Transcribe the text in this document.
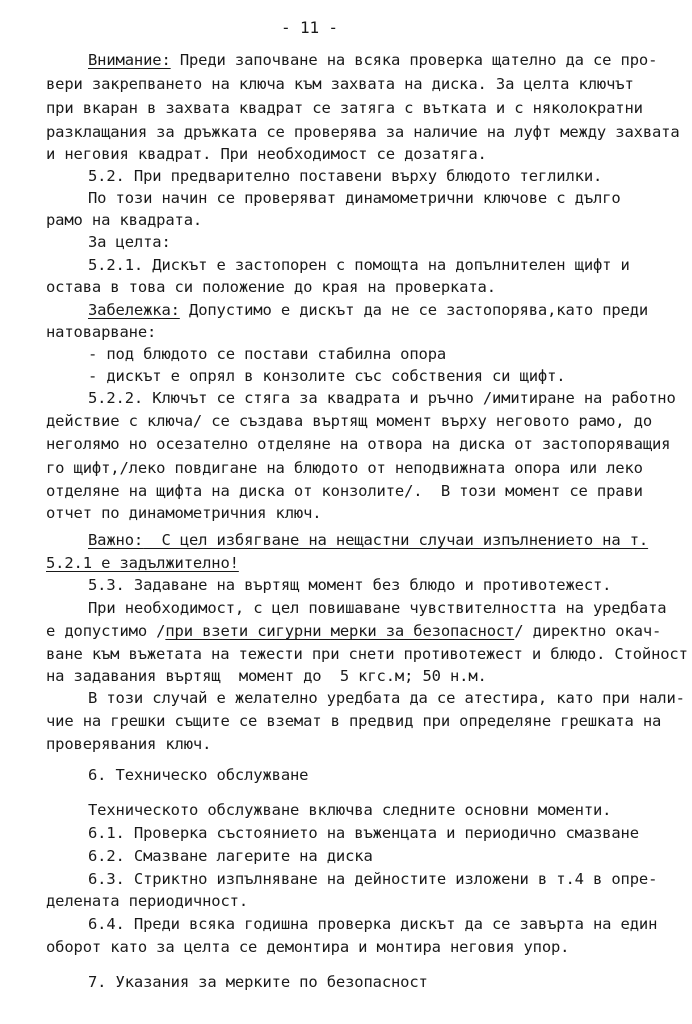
- 11 -
Внимание: Преди започване на всяка проверка щателно да се про-
вери закрепването на ключа към захвата на диска. За целта ключът
при вкаран в захвата квадрат се затяга с вътката и с няколократни
разклащания за дръжката се проверява за наличие на луфт между захвата
и неговия квадрат. При необходимост се дозатяга.
5.2. При предварително поставени върху блюдото теглилки.
По този начин се проверяват динамометрични ключове с дълго
рамо на квадрата.
За целта:
5.2.1. Дискът е застопорен с помощта на допълнителен щифт и
остава в това си положение до края на проверката.
Забележка: Допустимо е дискът да не се застопорява,като преди
натоварване:
- под блюдото се постави стабилна опора
- дискът е опрял в конзолите със собствения си щифт.
5.2.2. Ключът се стяга за квадрата и ръчно /имитиране на работно
действие с ключа/ се създава въртящ момент върху неговото рамо, до
неголямо но осезателно отделяне на отвора на диска от застопоряващия
го щифт,/леко повдигане на блюдото от неподвижната опора или леко
отделяне на щифта на диска от конзолите/.  В този момент се прави
отчет по динамометричния ключ.
Важно:  С цел избягване на нещастни случаи изпълнението на т.
5.2.1 е задължително!
5.3. Задаване на въртящ момент без блюдо и противотежест.
При необходимост, с цел повишаване чувствителността на уредбата
е допустимо /при взети сигурни мерки за безопасност/ директно окач-
ване към въжетата на тежести при снети противотежест и блюдо. Стойност
на задавания въртящ  момент до  5 кгс.м; 50 н.м.
В този случай е желателно уредбата да се атестира, като при нали-
чие на грешки същите се вземат в предвид при определяне грешката на
проверявания ключ.
6. Техническо обслужване
Техническото обслужване включва следните основни моменти.
6.1. Проверка състоянието на въженцата и периодично смазване
6.2. Смазване лагерите на диска
6.3. Стриктно изпълняване на дейностите изложени в т.4 в опре-
делената периодичност.
6.4. Преди всяка годишна проверка дискът да се завърта на един
оборот като за целта се демонтира и монтира неговия упор.
7. Указания за мерките по безопасност
